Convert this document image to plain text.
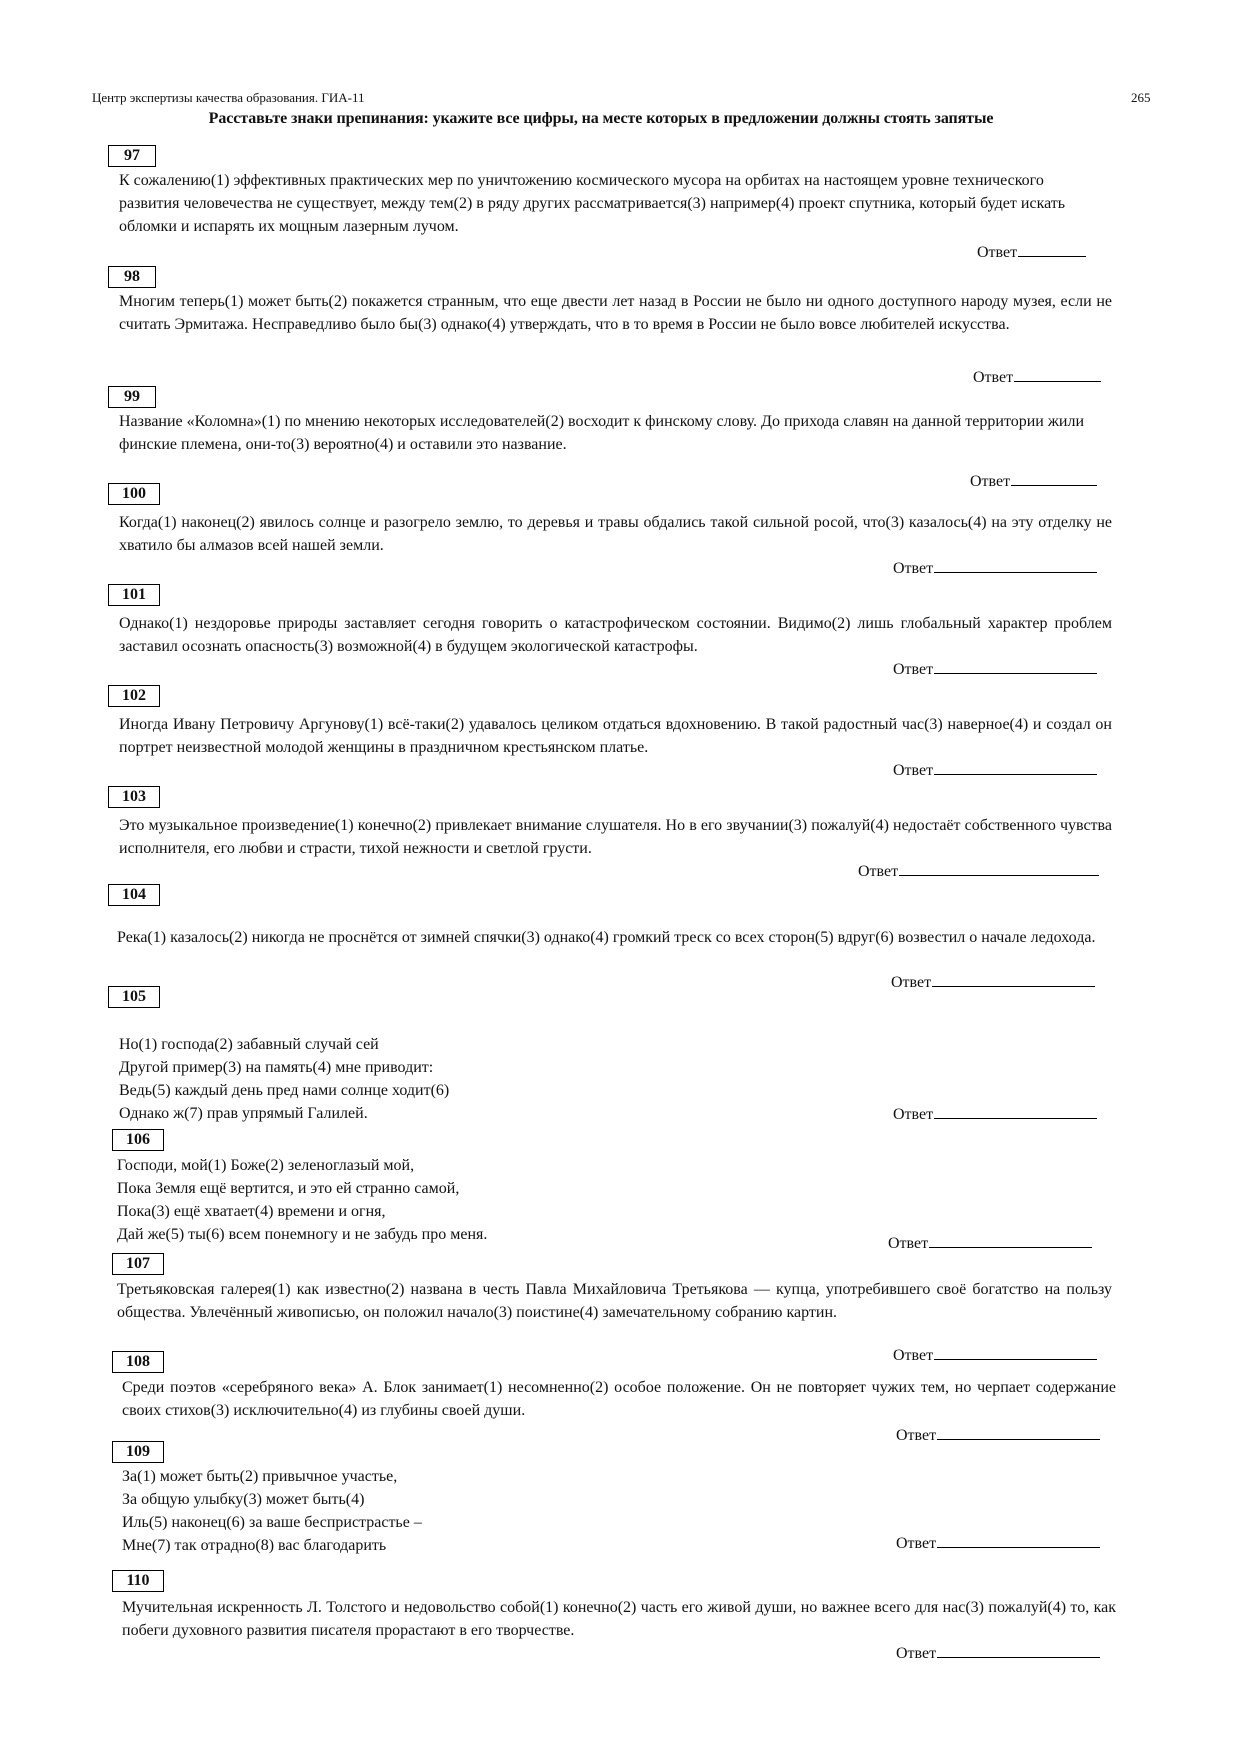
Центр экспертизы качества образования. ГИА-11	265
Расставьте знаки препинания: укажите все цифры, на месте которых в предложении должны стоять запятые
97
К сожалению(1) эффективных практических мер по уничтожению космического мусора на орбитах на настоящем уровне технического развития человечества не существует, между тем(2) в ряду других рассматривается(3) например(4) проект спутника, который будет искать обломки и испарять их мощным лазерным лучом.
Ответ
98
Многим теперь(1) может быть(2) покажется странным, что еще двести лет назад в России не было ни одного доступного народу музея, если не считать Эрмитажа. Несправедливо было бы(3) однако(4) утверждать, что в то время в России не было вовсе любителей искусства.
Ответ
99
Название «Коломна»(1) по мнению некоторых исследователей(2) восходит к финскому слову. До прихода славян на данной территории жили финские племена, они-то(3) вероятно(4) и оставили это название.
Ответ
100
Когда(1) наконец(2) явилось солнце и разогрело землю, то деревья и травы обдались такой сильной росой, что(3) казалось(4) на эту отделку не хватило бы алмазов всей нашей земли.
Ответ
101
Однако(1) нездоровье природы заставляет сегодня говорить о катастрофическом состоянии. Видимо(2) лишь глобальный характер проблем заставил осознать опасность(3) возможной(4) в будущем экологической катастрофы.
Ответ
102
Иногда Ивану Петровичу Аргунову(1) всё-таки(2) удавалось целиком отдаться вдохновению. В такой радостный час(3) наверное(4) и создал он портрет неизвестной молодой женщины в праздничном крестьянском платье.
Ответ
103
Это музыкальное произведение(1) конечно(2) привлекает внимание слушателя. Но в его звучании(3) пожалуй(4) недостаёт собственного чувства исполнителя, его любви и страсти, тихой нежности и светлой грусти.
Ответ
104
Река(1) казалось(2) никогда не проснётся от зимней спячки(3) однако(4) громкий треск со всех сторон(5) вдруг(6) возвестил о начале ледохода.
Ответ
105
Но(1) господа(2) забавный случай сей
Другой пример(3) на память(4) мне приводит:
Ведь(5) каждый день пред нами солнце ходит(6)
Однако ж(7) прав упрямый Галилей.	Ответ
106
Господи, мой(1) Боже(2) зеленоглазый мой,
Пока Земля ещё вертится, и это ей странно самой,
Пока(3) ещё хватает(4) времени и огня,
Дай же(5) ты(6) всем понемногу и не забудь про меня.
Ответ
107
Третьяковская галерея(1) как известно(2) названа в честь Павла Михайловича Третьякова — купца, употребившего своё богатство на пользу общества. Увлечённый живописью, он положил начало(3) поистине(4) замечательному собранию картин.
Ответ
108
Среди поэтов «серебряного века» А. Блок занимает(1) несомненно(2) особое положение. Он не повторяет чужих тем, но черпает содержание своих стихов(3) исключительно(4) из глубины своей души.
Ответ
109
За(1) может быть(2) привычное участье,
За общую улыбку(3) может быть(4)
Иль(5) наконец(6) за ваше беспристрастье –
Мне(7) так отрадно(8) вас благодарить	Ответ
110
Мучительная искренность Л. Толстого и недовольство собой(1) конечно(2) часть его живой души, но важнее всего для нас(3) пожалуй(4) то, как побеги духовного развития писателя прорастают в его творчестве.
Ответ
